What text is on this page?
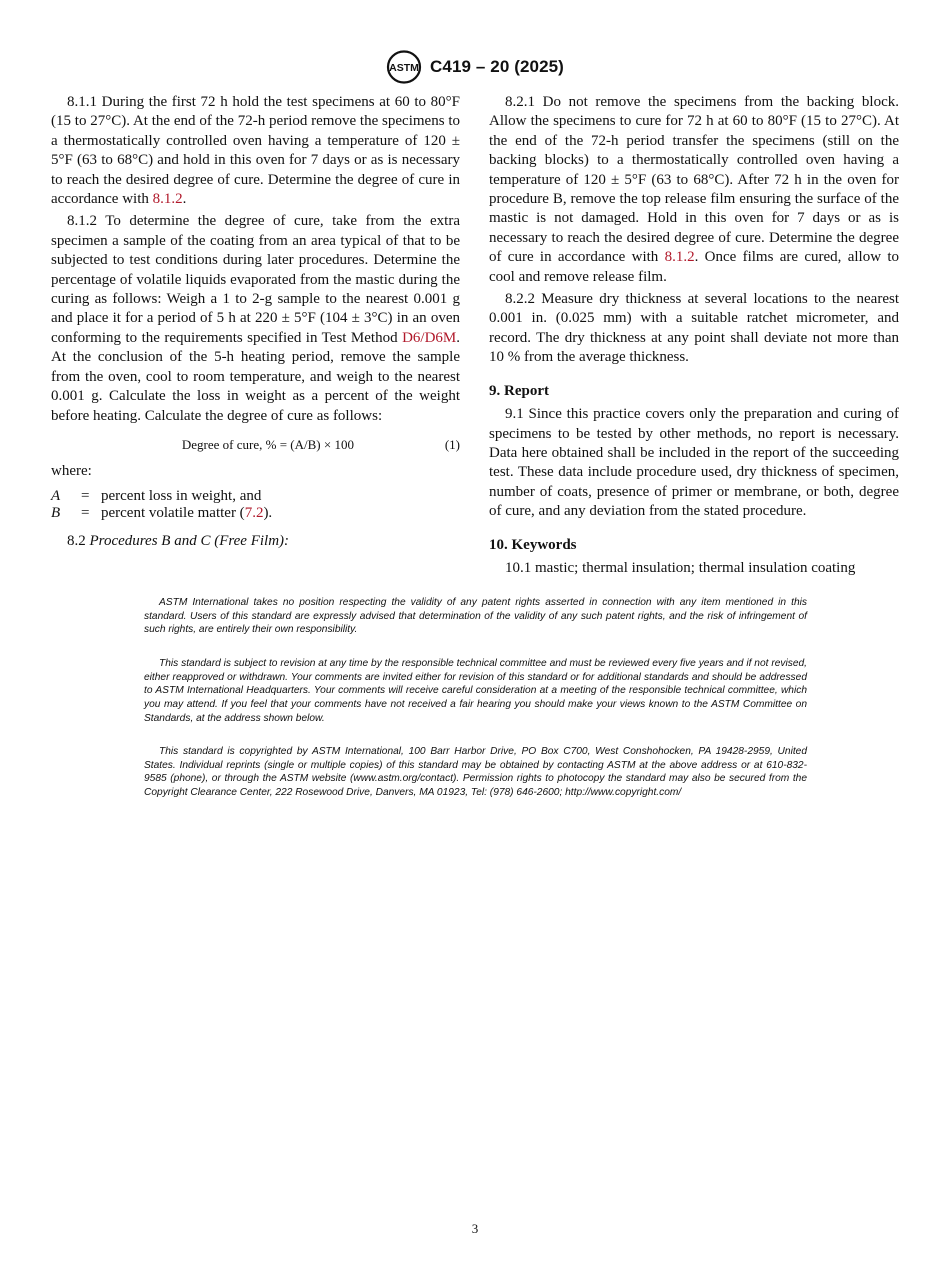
ASTM C419 – 20 (2025)

8.1.1 During the first 72 h hold the test specimens at 60 to 80°F (15 to 27°C). At the end of the 72-h period remove the specimens to a thermostatically controlled oven having a temperature of 120 ± 5°F (63 to 68°C) and hold in this oven for 7 days or as is necessary to reach the desired degree of cure. Determine the degree of cure in accordance with 8.1.2.

8.1.2 To determine the degree of cure, take from the extra specimen a sample of the coating from an area typical of that to be subjected to test conditions during later procedures. Determine the percentage of volatile liquids evaporated from the mastic during the curing as follows: Weigh a 1 to 2-g sample to the nearest 0.001 g and place it for a period of 5 h at 220 ± 5°F (104 ± 3°C) in an oven conforming to the requirements specified in Test Method D6/D6M. At the conclusion of the 5-h heating period, remove the sample from the oven, cool to room temperature, and weigh to the nearest 0.001 g. Calculate the loss in weight as a percent of the weight before heating. Calculate the degree of cure as follows:

Degree of cure, % = (A/B) × 100	(1)
where:
A	= percent loss in weight, and
B	= percent volatile matter (7.2).

8.2 Procedures B and C (Free Film):

8.2.1 Do not remove the specimens from the backing block. Allow the specimens to cure for 72 h at 60 to 80°F (15 to 27°C). At the end of the 72-h period transfer the specimens (still on the backing blocks) to a thermostatically controlled oven having a temperature of 120 ± 5°F (63 to 68°C). After 72 h in the oven for procedure B, remove the top release film ensuring the surface of the mastic is not damaged. Hold in this oven for 7 days or as is necessary to reach the desired degree of cure. Determine the degree of cure in accordance with 8.1.2. Once films are cured, allow to cool and remove release film.

8.2.2 Measure dry thickness at several locations to the nearest 0.001 in. (0.025 mm) with a suitable ratchet micrometer, and record. The dry thickness at any point shall deviate not more than 10 % from the average thickness.

9. Report

9.1 Since this practice covers only the preparation and curing of specimens to be tested by other methods, no report is necessary. Data here obtained shall be included in the report of the succeeding test. These data include procedure used, dry thickness of specimen, number of coats, presence of primer or membrane, or both, degree of cure, and any deviation from the stated procedure.

10. Keywords

10.1 mastic; thermal insulation; thermal insulation coating

ASTM International takes no position respecting the validity of any patent rights asserted in connection with any item mentioned in this standard. Users of this standard are expressly advised that determination of the validity of any such patent rights, and the risk of infringement of such rights, are entirely their own responsibility.

This standard is subject to revision at any time by the responsible technical committee and must be reviewed every five years and if not revised, either reapproved or withdrawn. Your comments are invited either for revision of this standard or for additional standards and should be addressed to ASTM International Headquarters. Your comments will receive careful consideration at a meeting of the responsible technical committee, which you may attend. If you feel that your comments have not received a fair hearing you should make your views known to the ASTM Committee on Standards, at the address shown below.

This standard is copyrighted by ASTM International, 100 Barr Harbor Drive, PO Box C700, West Conshohocken, PA 19428-2959, United States. Individual reprints (single or multiple copies) of this standard may be obtained by contacting ASTM at the above address or at 610-832-9585 (phone), or through the ASTM website (www.astm.org/contact). Permission rights to photocopy the standard may also be secured from the Copyright Clearance Center, 222 Rosewood Drive, Danvers, MA 01923, Tel: (978) 646-2600; http://www.copyright.com/

3
